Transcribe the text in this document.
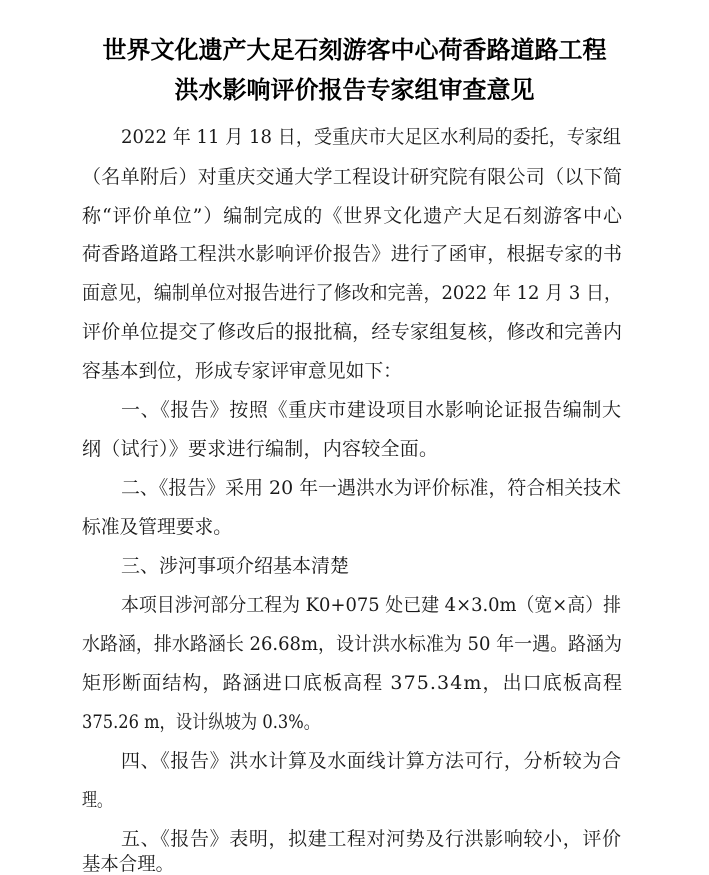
世界文化遗产大足石刻游客中心荷香路道路工程
洪水影响评价报告专家组审查意见
2022 年 11 月 18 日，受重庆市大足区水利局的委托，专家组
（名单附后）对重庆交通大学工程设计研究院有限公司（以下简
称“评价单位”）编制完成的《世界文化遗产大足石刻游客中心
荷香路道路工程洪水影响评价报告》进行了函审，根据专家的书
面意见，编制单位对报告进行了修改和完善，2022 年 12 月 3 日，
评价单位提交了修改后的报批稿，经专家组复核，修改和完善内
容基本到位，形成专家评审意见如下：
一、《报告》按照《重庆市建设项目水影响论证报告编制大
纲（试行）》要求进行编制，内容较全面。
二、《报告》采用 20 年一遇洪水为评价标准，符合相关技术
标准及管理要求。
三、涉河事项介绍基本清楚
本项目涉河部分工程为 K0+075 处已建 4×3.0m（宽×高）排
水路涵，排水路涵长 26.68m，设计洪水标准为 50 年一遇。路涵为
矩形断面结构，路涵进口底板高程 375.34m，出口底板高程
375.26 m，设计纵坡为 0.3%。
四、《报告》洪水计算及水面线计算方法可行，分析较为合
理。
五、《报告》表明，拟建工程对河势及行洪影响较小，评价
基本合理。
